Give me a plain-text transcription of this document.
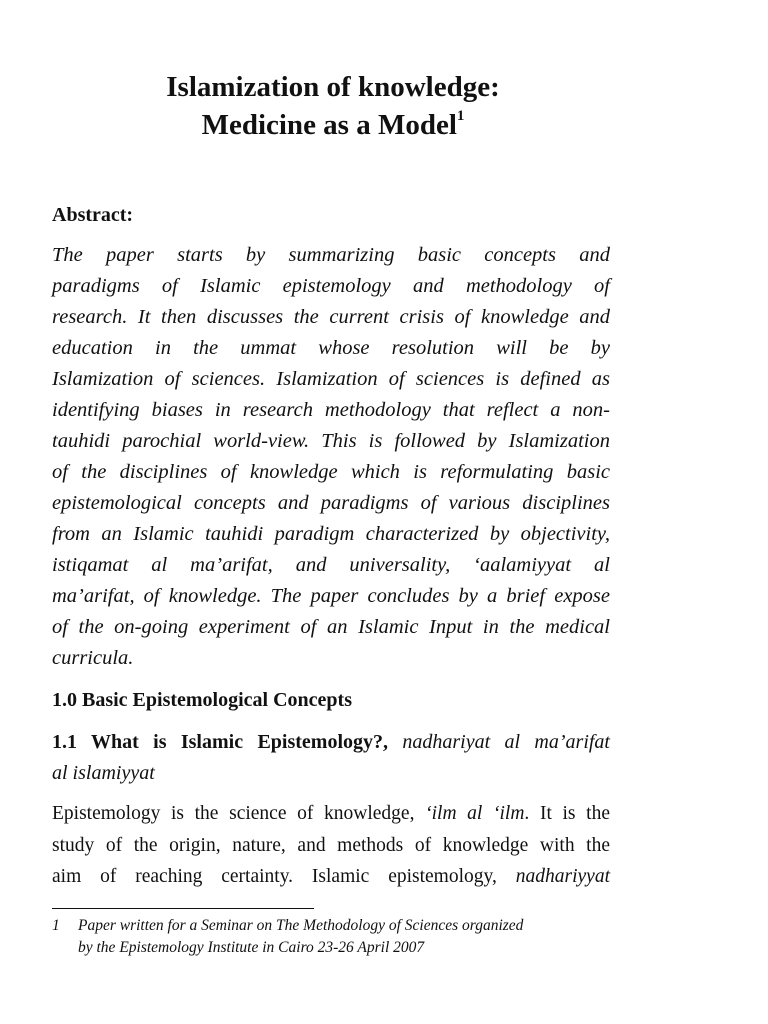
Islamization of knowledge:
Medicine as a Model$^1$
Abstract:
The paper starts by summarizing basic concepts and
paradigms of Islamic epistemology and methodology of
research. It then discusses the current crisis of knowledge and
education in the ummat whose resolution will be by
Islamization of sciences. Islamization of sciences is defined as
identifying biases in research methodology that reflect a non-
tauhidi parochial world-view. This is followed by Islamization
of the disciplines of knowledge which is reformulating basic
epistemological concepts and paradigms of various disciplines
from an Islamic tauhidi paradigm characterized by objectivity,
istiqamat al ma’arifat, and universality, ‘aalamiyyat al
ma’arifat, of knowledge. The paper concludes by a brief expose
of the on-going experiment of an Islamic Input in the medical
curricula.
1.0 Basic Epistemological Concepts
1.1 What is Islamic Epistemology?, nadhariyat al ma’arifat
al islamiyyat
Epistemology is the science of knowledge, ‘ilm al ‘ilm. It is the
study of the origin, nature, and methods of knowledge with the
aim of reaching certainty. Islamic epistemology, nadhariyyat
1 Paper written for a Seminar on The Methodology of Sciences organized
by the Epistemology Institute in Cairo 23-26 April 2007
